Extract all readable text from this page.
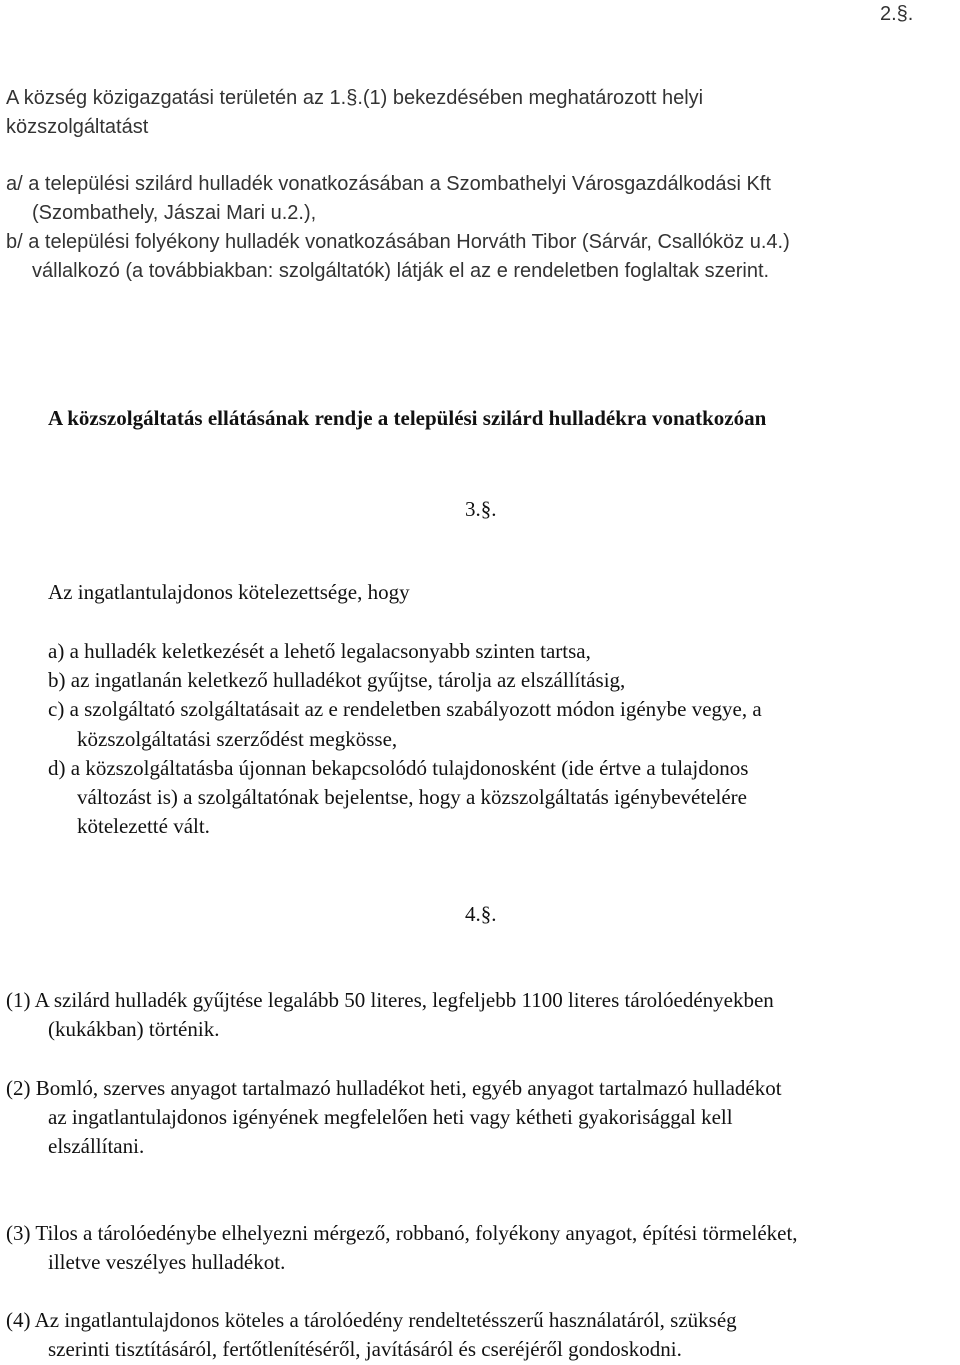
2.§.
A község közigazgatási területén az 1.§.(1) bekezdésében meghatározott helyi
közszolgáltatást
a/ a települési szilárd hulladék vonatkozásában a Szombathelyi Városgazdálkodási Kft
(Szombathely, Jászai Mari u.2.),
b/ a települési folyékony hulladék vonatkozásában Horváth Tibor (Sárvár, Csallóköz u.4.)
vállalkozó (a továbbiakban: szolgáltatók) látják el az e rendeletben foglaltak szerint.
A közszolgáltatás ellátásának rendje a települési szilárd hulladékra vonatkozóan
3.§.
Az ingatlantulajdonos kötelezettsége, hogy
a) a hulladék keletkezését a lehető legalacsonyabb szinten tartsa,
b) az ingatlanán keletkező hulladékot gyűjtse, tárolja az elszállításig,
c) a szolgáltató szolgáltatásait az e rendeletben szabályozott módon igénybe vegye, a
közszolgáltatási szerződést megkösse,
d) a közszolgáltatásba újonnan bekapcsolódó tulajdonosként (ide értve a tulajdonos
változást is) a szolgáltatónak bejelentse, hogy a közszolgáltatás igénybevételére
kötelezetté vált.
4.§.
(1) A szilárd hulladék gyűjtése legalább 50 literes, legfeljebb 1100 literes tárolóedényekben
(kukákban) történik.
(2) Bomló, szerves anyagot tartalmazó hulladékot heti, egyéb anyagot tartalmazó hulladékot
az ingatlantulajdonos igényének megfelelően heti vagy kétheti gyakorisággal kell
elszállítani.
(3) Tilos a tárolóedénybe elhelyezni mérgező, robbanó, folyékony anyagot, építési törmeléket,
illetve veszélyes hulladékot.
(4) Az ingatlantulajdonos köteles a tárolóedény rendeltetésszerű használatáról, szükség
szerinti tisztításáról, fertőtlenítéséről, javításáról és cseréjéről gondoskodni.
